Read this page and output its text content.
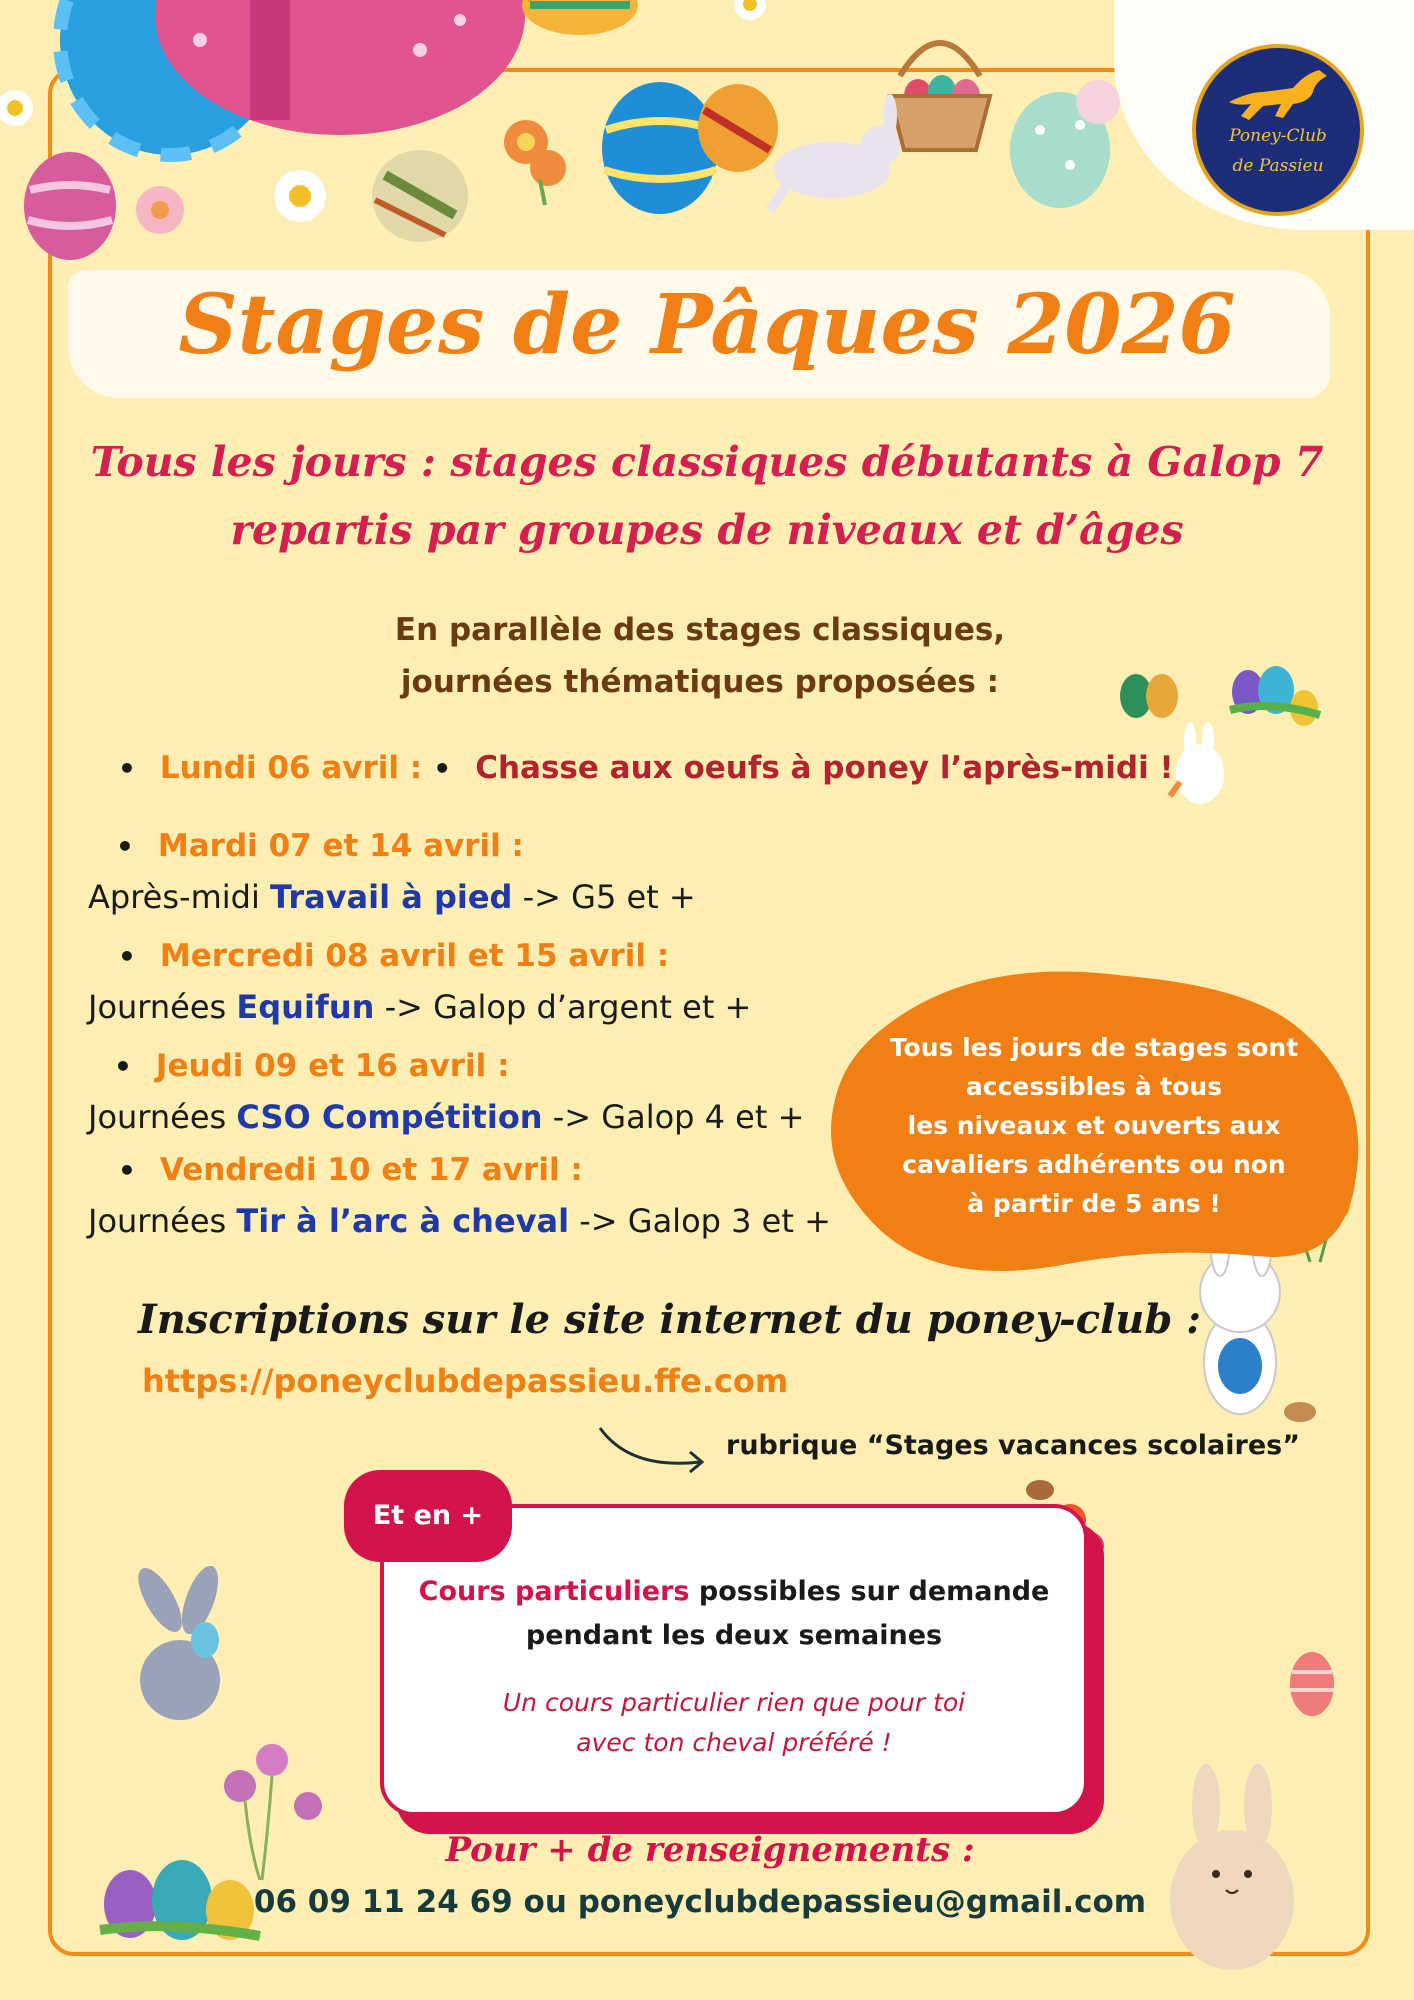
Poney-Club
de Passieu
Stages de Pâques 2026
Tous les jours : stages classiques débutants à Galop 7
repartis par groupes de niveaux et d’âges
En parallèle des stages classiques,
journées thématiques proposées :
• Lundi 06 avril : • Chasse aux oeufs à poney l’après-midi !
• Mardi 07 et 14 avril :
Après-midi Travail à pied -> G5 et +
• Mercredi 08 avril et 15 avril :
Journées Equifun -> Galop d’argent et +
• Jeudi 09 et 16 avril :
Journées CSO Compétition -> Galop 4 et +
• Vendredi 10 et 17 avril :
Journées Tir à l’arc à cheval -> Galop 3 et +
Tous les jours de stages sont
accessibles à tous
les niveaux et ouverts aux
cavaliers adhérents ou non
à partir de 5 ans !
Inscriptions sur le site internet du poney-club :
https://poneyclubdepassieu.ffe.com
rubrique “Stages vacances scolaires”
Et en +
Cours particuliers possibles sur demande
pendant les deux semaines
Un cours particulier rien que pour toi
avec ton cheval préféré !
Pour + de renseignements :
06 09 11 24 69 ou poneyclubdepassieu@gmail.com
